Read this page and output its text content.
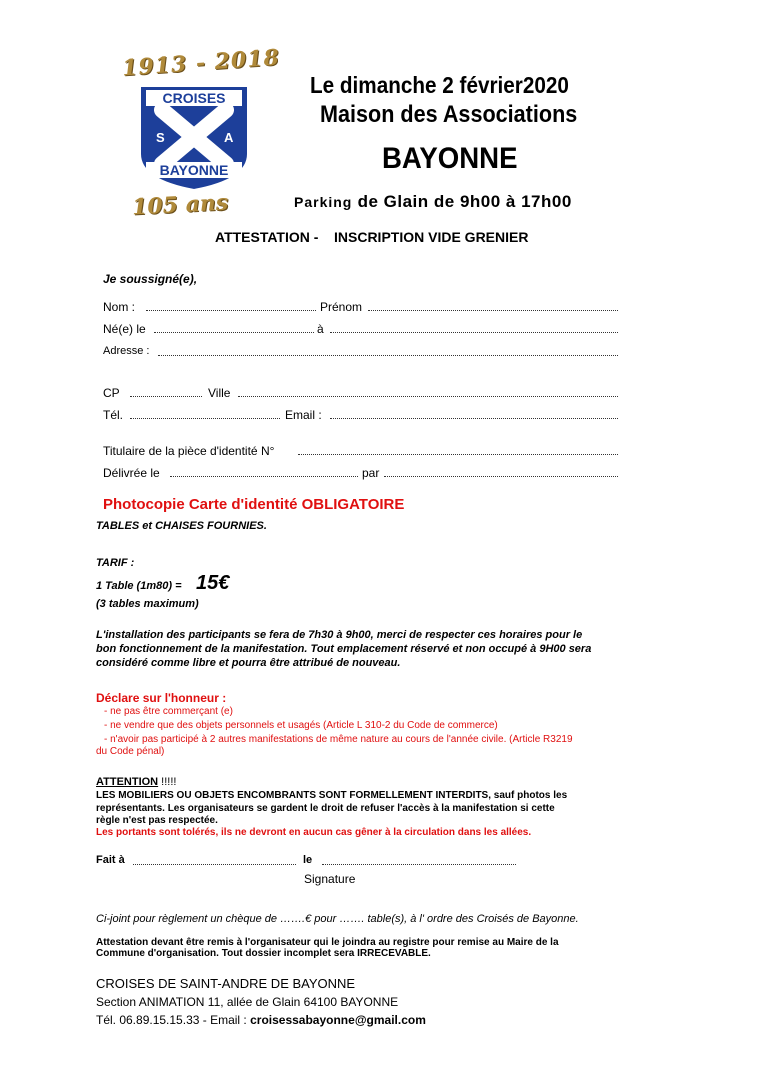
1913 - 2018
CROISES
S	A
BAYONNE
105 ans
Le dimanche 2 février2020
Maison des Associations
BAYONNE
Parking de Glain de 9h00 à 17h00
ATTESTATION - INSCRIPTION VIDE GRENIER
Je soussigné(e),
Nom :	Prénom
Né(e) le	à
Adresse :
CP	Ville
Tél.	Email :
Titulaire de la pièce d'identité N°
Délivrée le	par
Photocopie Carte d'identité OBLIGATOIRE
TABLES et CHAISES FOURNIES.
TARIF :
1 Table (1m80) = 15€
(3 tables maximum)
L'installation des participants se fera de 7h30 à 9h00, merci de respecter ces horaires pour le
bon fonctionnement de la manifestation. Tout emplacement réservé et non occupé à 9H00 sera
considéré comme libre et pourra être attribué de nouveau.
Déclare sur l'honneur :
- ne pas être commerçant (e)
- ne vendre que des objets personnels et usagés (Article L 310-2 du Code de commerce)
- n'avoir pas participé à 2 autres manifestations de même nature au cours de l'année civile. (Article R3219
du Code pénal)
ATTENTION !!!!!
LES MOBILIERS OU OBJETS ENCOMBRANTS SONT FORMELLEMENT INTERDITS, sauf photos les
représentants. Les organisateurs se gardent le droit de refuser l'accès à la manifestation si cette
règle n'est pas respectée.
Les portants sont tolérés, ils ne devront en aucun cas gêner à la circulation dans les allées.
Fait à	le
Signature
Ci-joint pour règlement un chèque de …….€ pour ……. table(s), à l' ordre des Croisés de Bayonne.
Attestation devant être remis à l'organisateur qui le joindra au registre pour remise au Maire de la
Commune d'organisation. Tout dossier incomplet sera IRRECEVABLE.
CROISES DE SAINT-ANDRE DE BAYONNE
Section ANIMATION 11, allée de Glain 64100 BAYONNE
Tél. 06.89.15.15.33 - Email : croisessabayonne@gmail.com
